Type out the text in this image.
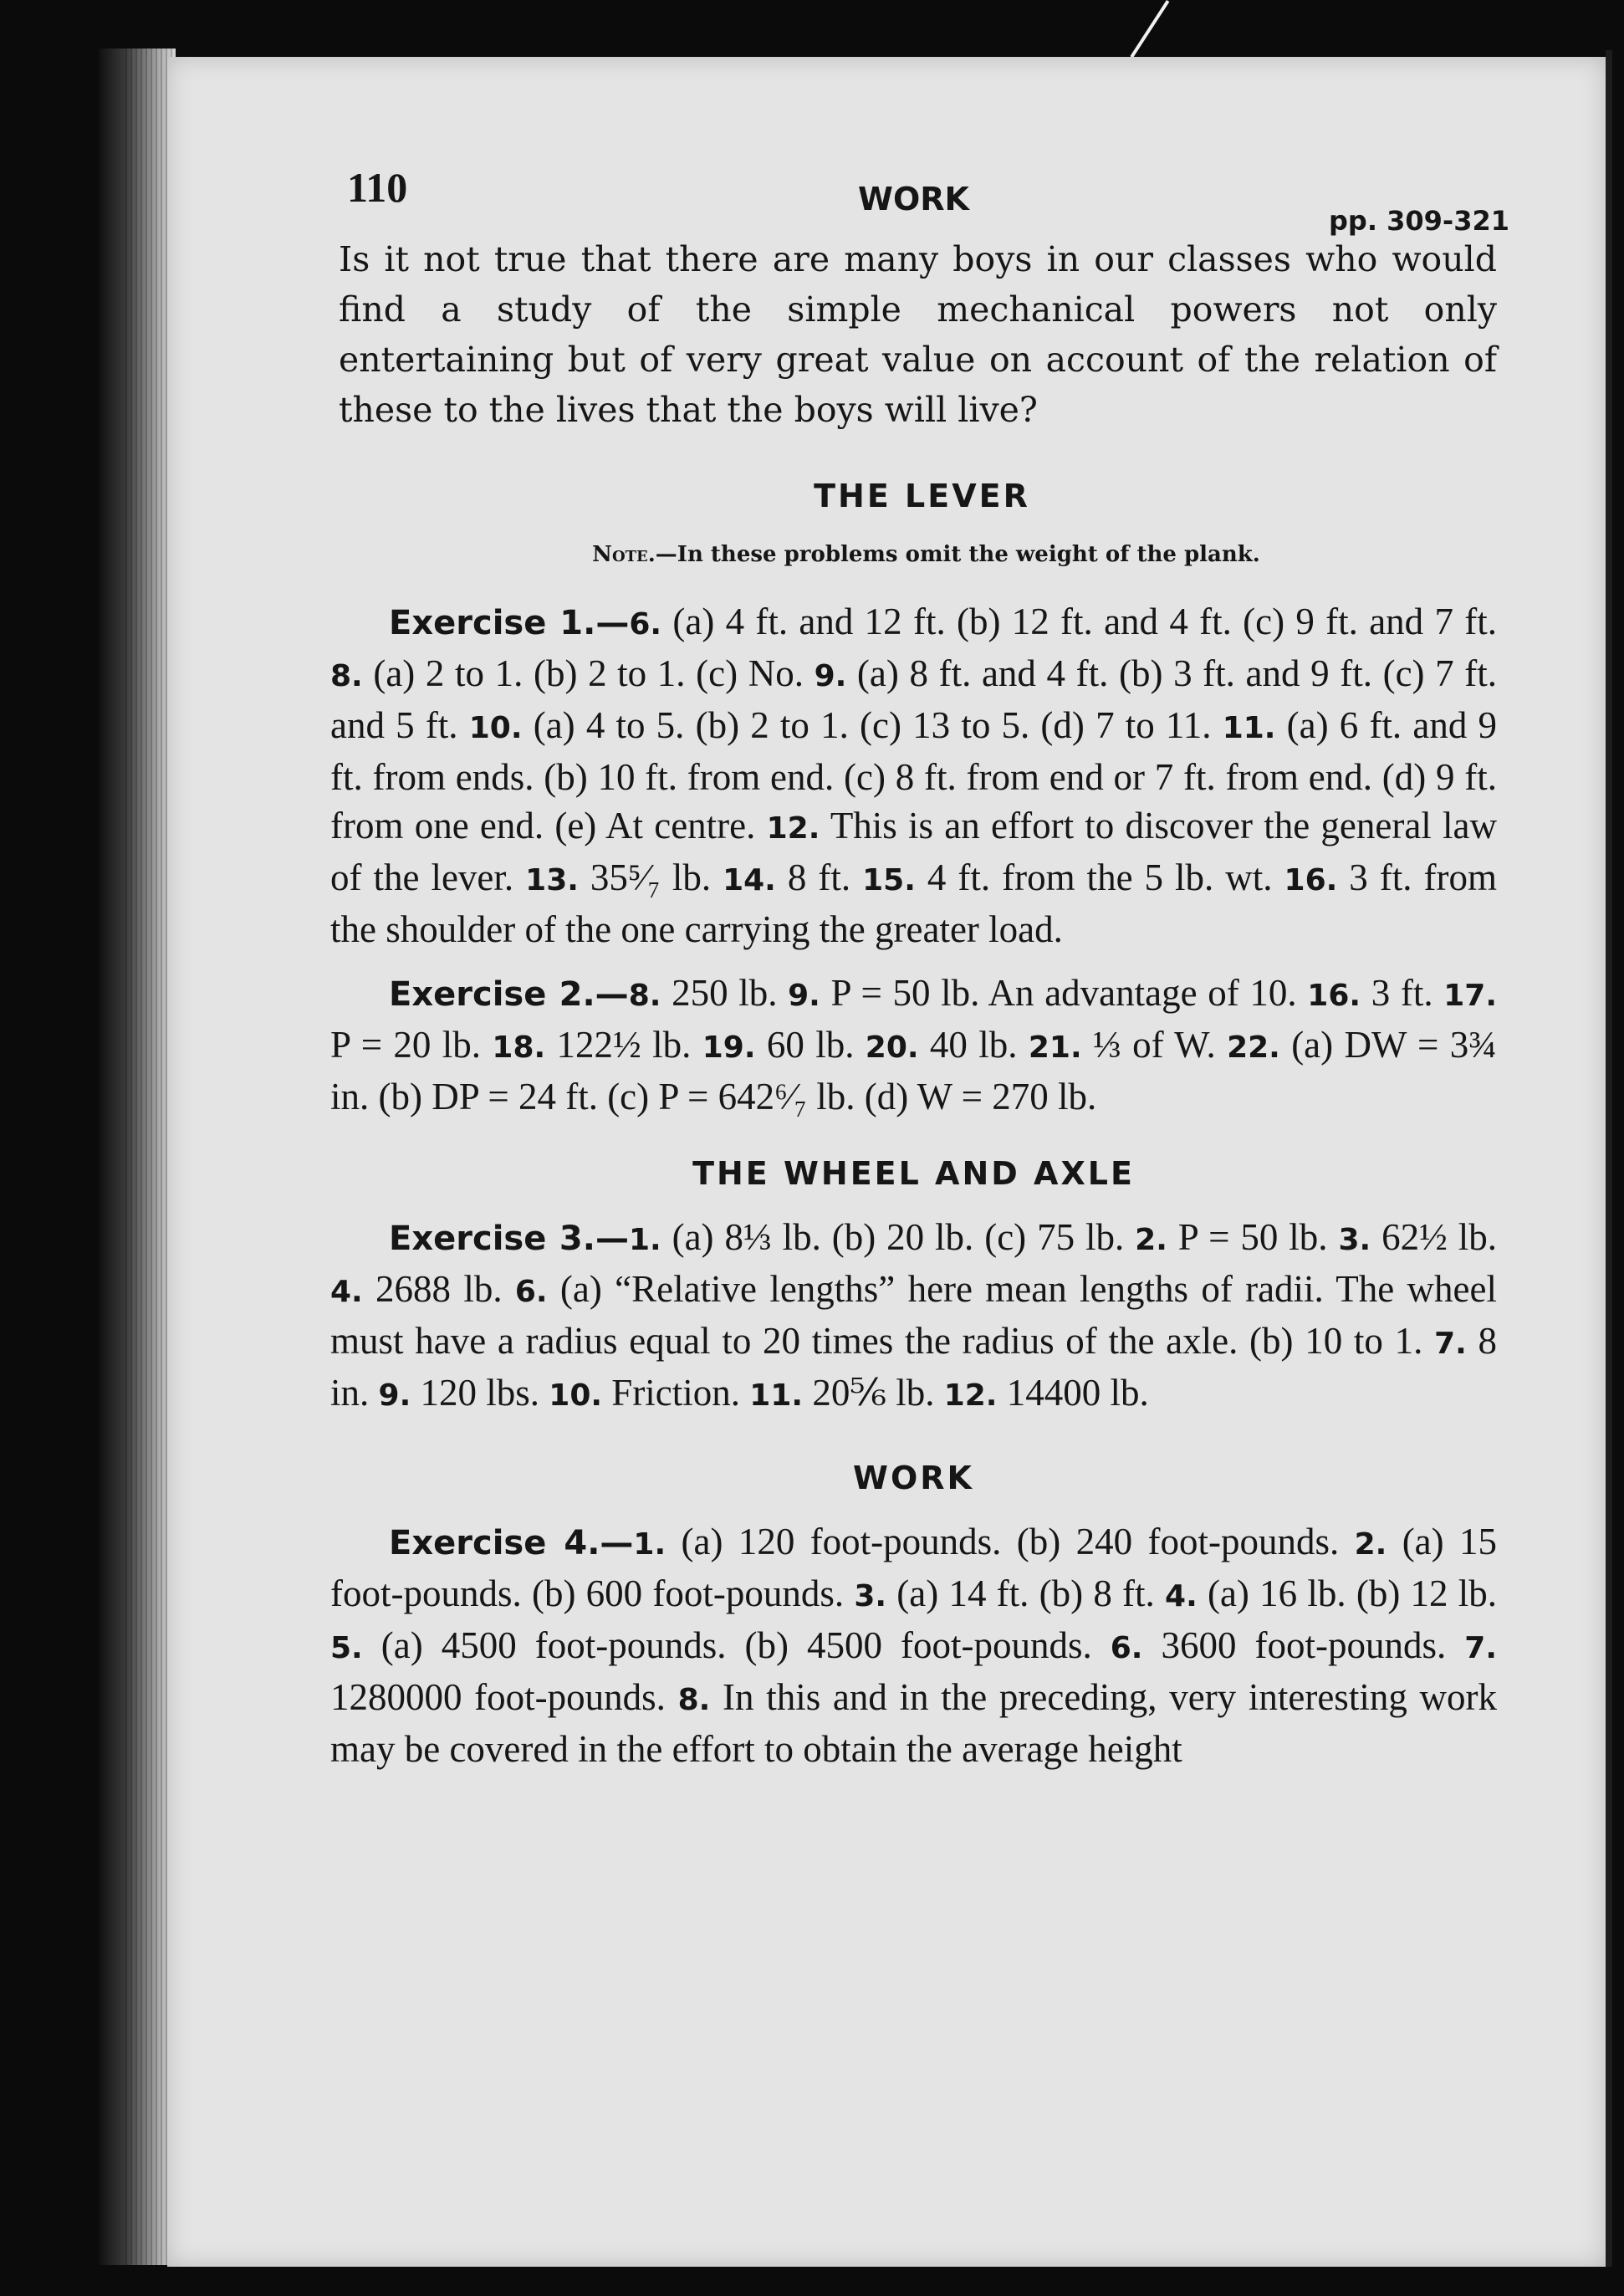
110	WORK
pp. 309-321

Is it not true that there are many boys in our classes who would find a study of the simple mechanical powers not only entertaining but of very great value on account of the relation of these to the lives that the boys will live?

THE LEVER
Note.—In these problems omit the weight of the plank.

Exercise 1.—6. (a) 4 ft. and 12 ft. (b) 12 ft. and 4 ft. (c) 9 ft. and 7 ft. 8. (a) 2 to 1. (b) 2 to 1. (c) No. 9. (a) 8 ft. and 4 ft. (b) 3 ft. and 9 ft. (c) 7 ft. and 5 ft. 10. (a) 4 to 5. (b) 2 to 1. (c) 13 to 5. (d) 7 to 11. 11. (a) 6 ft. and 9 ft. from ends. (b) 10 ft. from end. (c) 8 ft. from end or 7 ft. from end. (d) 9 ft. from one end. (e) At centre. 12. This is an effort to discover the general law of the lever. 13. 35⁵⁄₇ lb. 14. 8 ft. 15. 4 ft. from the 5 lb. wt. 16. 3 ft. from the shoulder of the one carrying the greater load.

Exercise 2.—8. 250 lb. 9. P = 50 lb. An advantage of 10. 16. 3 ft. 17. P = 20 lb. 18. 122½ lb. 19. 60 lb. 20. 40 lb. 21. ⅓ of W. 22. (a) DW = 3¾ in. (b) DP = 24 ft. (c) P = 642⁶⁄₇ lb. (d) W = 270 lb.

THE WHEEL AND AXLE

Exercise 3.—1. (a) 8⅓ lb. (b) 20 lb. (c) 75 lb. 2. P = 50 lb. 3. 62½ lb. 4. 2688 lb. 6. (a) “Relative lengths” here mean lengths of radii. The wheel must have a radius equal to 20 times the radius of the axle. (b) 10 to 1. 7. 8 in. 9. 120 lbs. 10. Friction. 11. 20⅚ lb. 12. 14400 lb.

WORK

Exercise 4.—1. (a) 120 foot-pounds. (b) 240 foot-pounds. 2. (a) 15 foot-pounds. (b) 600 foot-pounds. 3. (a) 14 ft. (b) 8 ft. 4. (a) 16 lb. (b) 12 lb. 5. (a) 4500 foot-pounds. (b) 4500 foot-pounds. 6. 3600 foot-pounds. 7. 1280000 foot-pounds. 8. In this and in the preceding, very interesting work may be covered in the effort to obtain the average height
